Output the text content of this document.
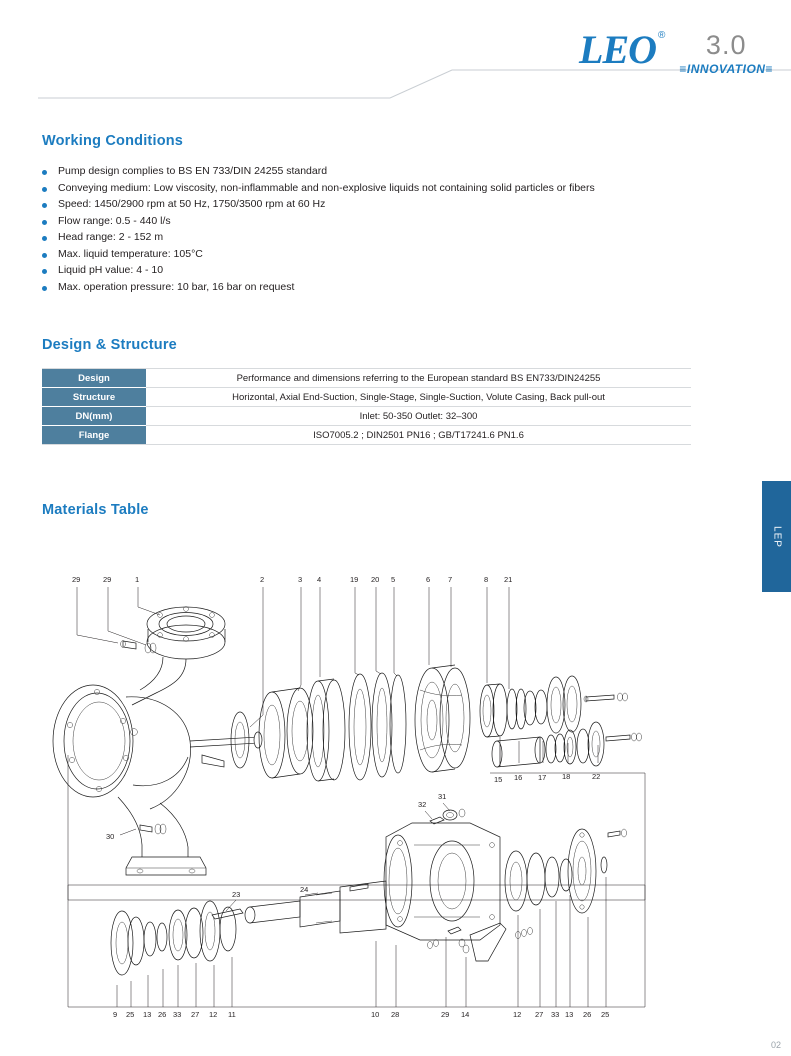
LEO ®	3.0
≡INNOVATION≡
Working Conditions
Pump design complies to BS EN 733/DIN 24255 standard
Conveying medium: Low viscosity, non-inflammable and non-explosive liquids not containing solid particles or fibers
Speed: 1450/2900 rpm at 50 Hz, 1750/3500 rpm at 60 Hz
Flow range: 0.5 - 440 l/s
Head range: 2 - 152 m
Max. liquid temperature: 105°C
Liquid pH value: 4 - 10
Max. operation pressure: 10 bar, 16 bar on request
Design & Structure
Design	Performance and dimensions referring to the European standard BS EN733/DIN24255
Structure	Horizontal, Axial End-Suction, Single-Stage, Single-Suction, Volute Casing, Back pull-out
DN(mm)	Inlet: 50-350 Outlet: 32–300
Flange	ISO7005.2 ; DIN2501 PN16 ; GB/T17241.6 PN1.6
Materials Table
LEP
02
29	29	1	2	3 4	19 20 5	6 7	8 21
15 16 17 18	22
30
31
32
23
24
9 25 13 26 33 27 12 11	10 28	29 14	12 27 33 13 26 25
